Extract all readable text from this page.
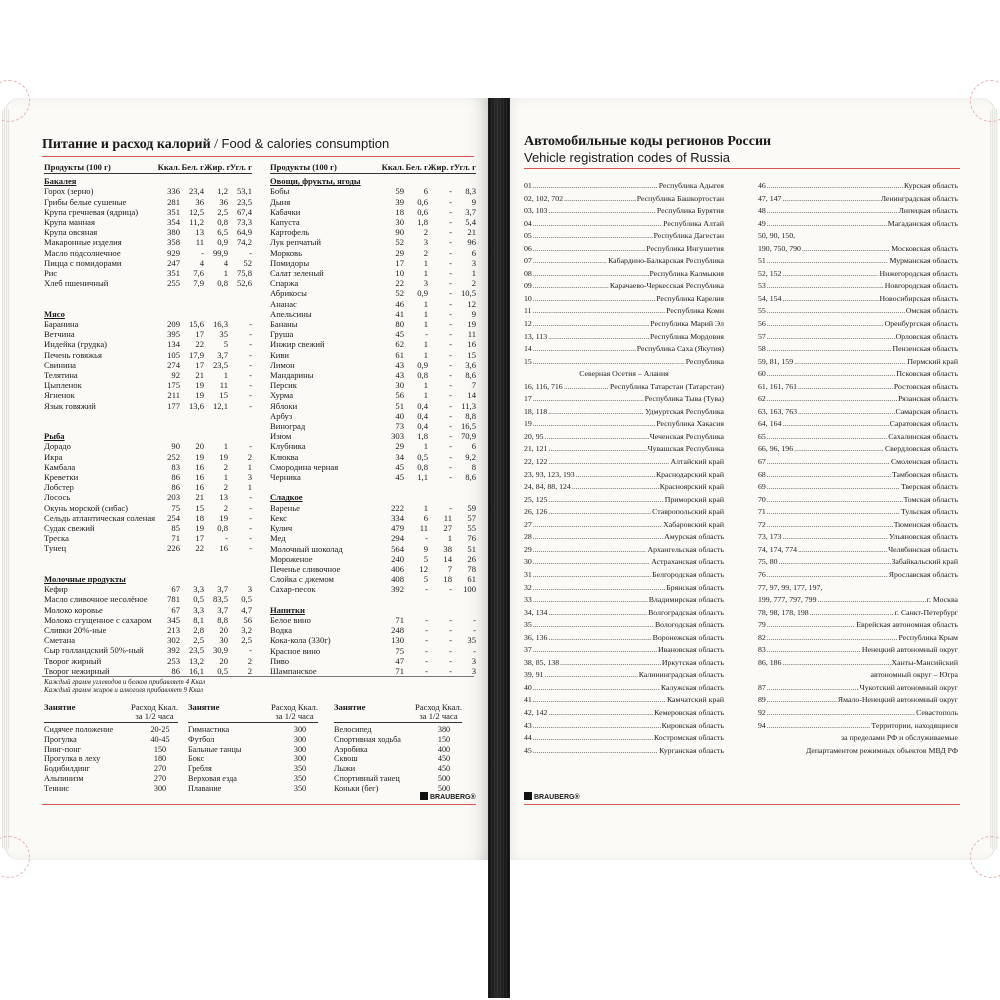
Питание и расход калорий / Food & calories consumption
Продукты (100 г)	Ккал. Бел. г Жир. г Угл. г
Бакалея
Горох (зерно)	336	23,4	1,2	53,1
Грибы белые сушеные	281	36	36	23,5
Крупа гречневая (ядрица)	351	12,5	2,5	67,4
Крупа манная	354	11,2	0,8	73,3
Крупа овсяная	380	13	6,5	64,9
Макаронные изделия	358	11	0,9	74,2
Масло подсолнечное	929	-	99,9	-
Пицца с помидорами	247	4	4	52
Рис	351	7,6	1	75,8
Хлеб пшеничный	255	7,9	0,8	52,6
Мясо
Баранина	209	15,6	16,3	-
Ветчина	395	17	35	-
Индейка (грудка)	134	22	5	-
Печень говяжья	105	17,9	3,7	-
Свинина	274	17	23,5	-
Телятина	92	21	1	-
Цыпленок	175	19	11	-
Ягненок	211	19	15	-
Язык говяжий	177	13,6	12,1	-
Рыба
Дорадо	90	20	1	-
Икра	252	19	19	2
Камбала	83	16	2	1
Креветки	86	16	1	3
Лобстер	86	16	2	1
Лосось	203	21	13	-
Окунь морской (сибас)	75	15	2	-
Сельдь атлантическая соленая	254	18	19	-
Судак свежий	85	19	0,8	-
Треска	71	17	-	-
Тунец	226	22	16	-
Молочные продукты
Кефир	67	3,3	3,7	3
Масло сливочное несолёное	781	0,5	83,5	0,5
Молоко коровье	67	3,3	3,7	4,7
Молоко сгущенное с сахаром	345	8,1	8,8	56
Сливки 20%-ные	213	2,8	20	3,2
Сметана	302	2,5	30	2,5
Сыр голландский 50%-ный	392	23,5	30,9	-
Творог жирный	253	13,2	20	2
Творог нежирный	86	16,1	0,5	2
Продукты (100 г)	Ккал. Бел. г Жир. г Угл. г
Овощи, фрукты, ягоды
Бобы	59	6	-	8,3
Дыня	39	0,6	-	9
Кабачки	18	0,6	-	3,7
Капуста	30	1,8	-	5,4
Картофель	90	2	-	21
Лук репчатый	52	3	-	96
Морковь	29	2	-	6
Помидоры	17	1	-	3
Салат зеленый	10	1	-	1
Спаржа	22	3	-	2
Абрикосы	52	0,9	-	10,5
Ананас	46	1	-	12
Апельсины	41	1	-	9
Бананы	80	1	-	19
Груша	45	-	-	11
Инжир свежий	62	1	-	16
Киви	61	1	-	15
Лимон	43	0,9	-	3,6
Мандарины	43	0,8	-	8,6
Персик	30	1	-	7
Хурма	56	1	-	14
Яблоки	51	0,4	-	11,3
Арбуз	40	0,4	-	8,8
Виноград	73	0,4	-	16,5
Изюм	303	1,8	-	70,9
Клубника	29	1	-	6
Клюква	34	0,5	-	9,2
Смородина черная	45	0,8	-	8
Черника	45	1,1	-	8,6
Сладкое
Варенье	222	1	-	59
Кекс	334	6	11	57
Кулич	479	11	27	55
Мед	294	-	1	76
Молочный шоколад	564	9	38	51
Мороженое	240	5	14	26
Печенье сливочное	406	12	7	78
Слойка с джемом	408	5	18	61
Сахар-песок	392	-	-	100
Напитки
Белое вино	71	-	-	-
Водка	248	-	-	-
Кока-кола (330г)	130	-	-	35
Красное вино	75	-	-	-
Пиво	47	-	-	3
Шампанское	71	-	-	3
Каждый грамм углеводов и белков прибавляет 4 Ккал
Каждый грамм жиров и алкоголя прибавляет 9 Ккал
Занятие	Расход Ккал.
за 1/2 часа
Сидячее положение	20-25
Прогулка	40-45
Пинг-понг	150
Прогулка в леху	180
Бодибилдинг	270
Альпинизм	270
Теннис	300
Занятие	Расход Ккал.
за 1/2 часа
Гимнастика	300
Футбол	300
Бальные танцы	300
Бокс	300
Гребля	350
Верховая езда	350
Плавание	350
Занятие	Расход Ккал.
за 1/2 часа
Велосипед	380
Спортивная ходьба	150
Аэробика	400
Сквош	450
Лыжи	450
Спортивный танец	500
Коньки (бег)	500
BRAUBERG®
Автомобильные коды регионов России
Vehicle registration codes of Russia
01 .....	Республика Адыгея
02, 102, 702 .....	Республика Башкортостан
03, 103 .....	Республика Бурятия
04 .....	Республика Алтай
05 .....	Республика Дагестан
06 .....	Республика Ингушетия
07 .....	Кабардино-Балкарская Республика
08 .....	Республика Калмыкия
09 .....	Карачаево-Черкесская Республика
10 .....	Республика Карелия
11 .....	Республика Коми
12 .....	Республика Марий Эл
13, 113 .....	Республика Мордовия
14 .....	Республика Саха (Якутия)
15 .....	Республика
Северная Осетия – Алания
16, 116, 716 .....	Республика Татарстан (Татарстан)
17 .....	Республика Тыва (Тува)
18, 118 .....	Удмуртская Республика
19 .....	Республика Хакасия
20, 95 .....	Чеченская Республика
21, 121 .....	Чувашская Республика
22, 122 .....	Алтайский край
23, 93, 123, 193 .....	Краснодарский край
24, 84, 88, 124 .....	Красноярский край
25, 125 .....	Приморский край
26, 126 .....	Ставропольский край
27 .....	Хабаровский край
28 .....	Амурская область
29 .....	Архангельская область
30 .....	Астраханская область
31 .....	Белгородская область
32 .....	Брянская область
33 .....	Владимирская область
34, 134 .....	Волгоградская область
35 .....	Вологодская область
36, 136 .....	Воронежская область
37 .....	Ивановская область
38, 85, 138 .....	Иркутская область
39, 91 .....	Калининградская область
40 .....	Калужская область
41 .....	Камчатский край
42, 142 .....	Кемеровская область
43 .....	Кировская область
44 .....	Костромская область
45 .....	Курганская область
46 .....	Курская область
47, 147 .....	Ленинградская область
48 .....	Липецкая область
49 .....	Магаданская область
50, 90, 150,
190, 750, 790 .....	Московская область
51 .....	Мурманская область
52, 152 .....	Нижегородская область
53 .....	Новгородская область
54, 154 .....	Новосибирская область
55 .....	Омская область
56 .....	Оренбургская область
57 .....	Орловская область
58 .....	Пензенская область
59, 81, 159 .....	Пермский край
60 .....	Псковская область
61, 161, 761 .....	Ростовская область
62 .....	Рязанская область
63, 163, 763 .....	Самарская область
64, 164 .....	Саратовская область
65 .....	Сахалинская область
66, 96, 196 .....	Свердловская область
67 .....	Смоленская область
68 .....	Тамбовская область
69 .....	Тверская область
70 .....	Томская область
71 .....	Тульская область
72 .....	Тюменская область
73, 173 .....	Ульяновская область
74, 174, 774 .....	Челябинская область
75, 80 .....	Забайкальский край
76 .....	Ярославская область
77, 97, 99, 177, 197,
199, 777, 797, 799 .....	г. Москва
78, 98, 178, 198 .....	г. Санкт-Петербург
79 .....	Еврейская автономная область
82 .....	Республика Крым
83 .....	Ненецкий автономный округ
86, 186 .....	Ханты-Мансийский
автономный округ – Югра
87 .....	Чукотский автономный округ
89 .....	Ямало-Ненецкий автономный округ
92 .....	Севастополь
94 .....	Территории, находящиеся
за пределами РФ и обслуживаемые
Департаментом режимных объектов МВД РФ
BRAUBERG®
